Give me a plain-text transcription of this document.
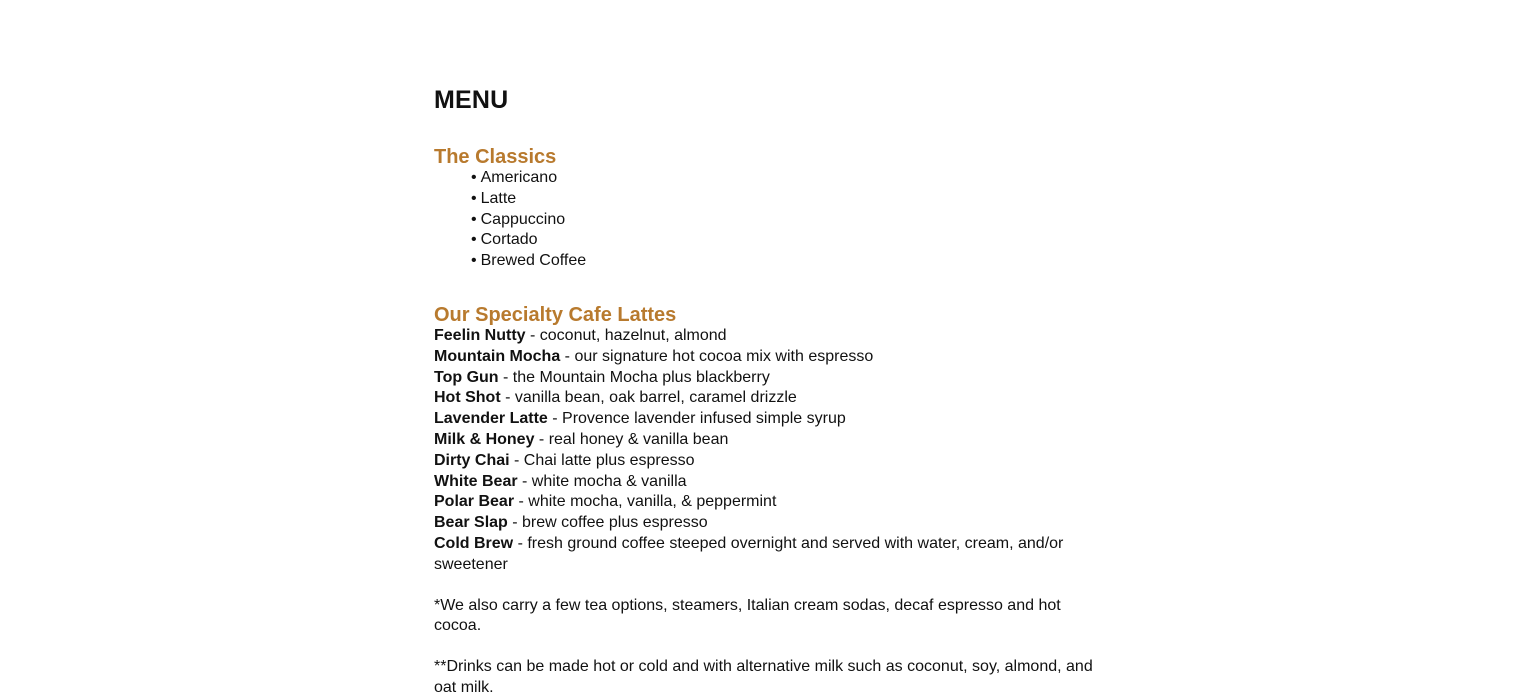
MENU
The Classics
• Americano
• Latte
• Cappuccino
• Cortado
• Brewed Coffee
Our Specialty Cafe Lattes
Feelin Nutty - coconut, hazelnut, almond
Mountain Mocha - our signature hot cocoa mix with espresso
Top Gun - the Mountain Mocha plus blackberry
Hot Shot - vanilla bean, oak barrel, caramel drizzle
Lavender Latte - Provence lavender infused simple syrup
Milk & Honey - real honey & vanilla bean
Dirty Chai - Chai latte plus espresso
White Bear - white mocha & vanilla
Polar Bear - white mocha, vanilla, & peppermint
Bear Slap - brew coffee plus espresso
Cold Brew - fresh ground coffee steeped overnight and served with water, cream, and/or sweetener

*We also carry a few tea options, steamers, Italian cream sodas, decaf espresso and hot cocoa.

**Drinks can be made hot or cold and with alternative milk such as coconut, soy, almond, and oat milk.
